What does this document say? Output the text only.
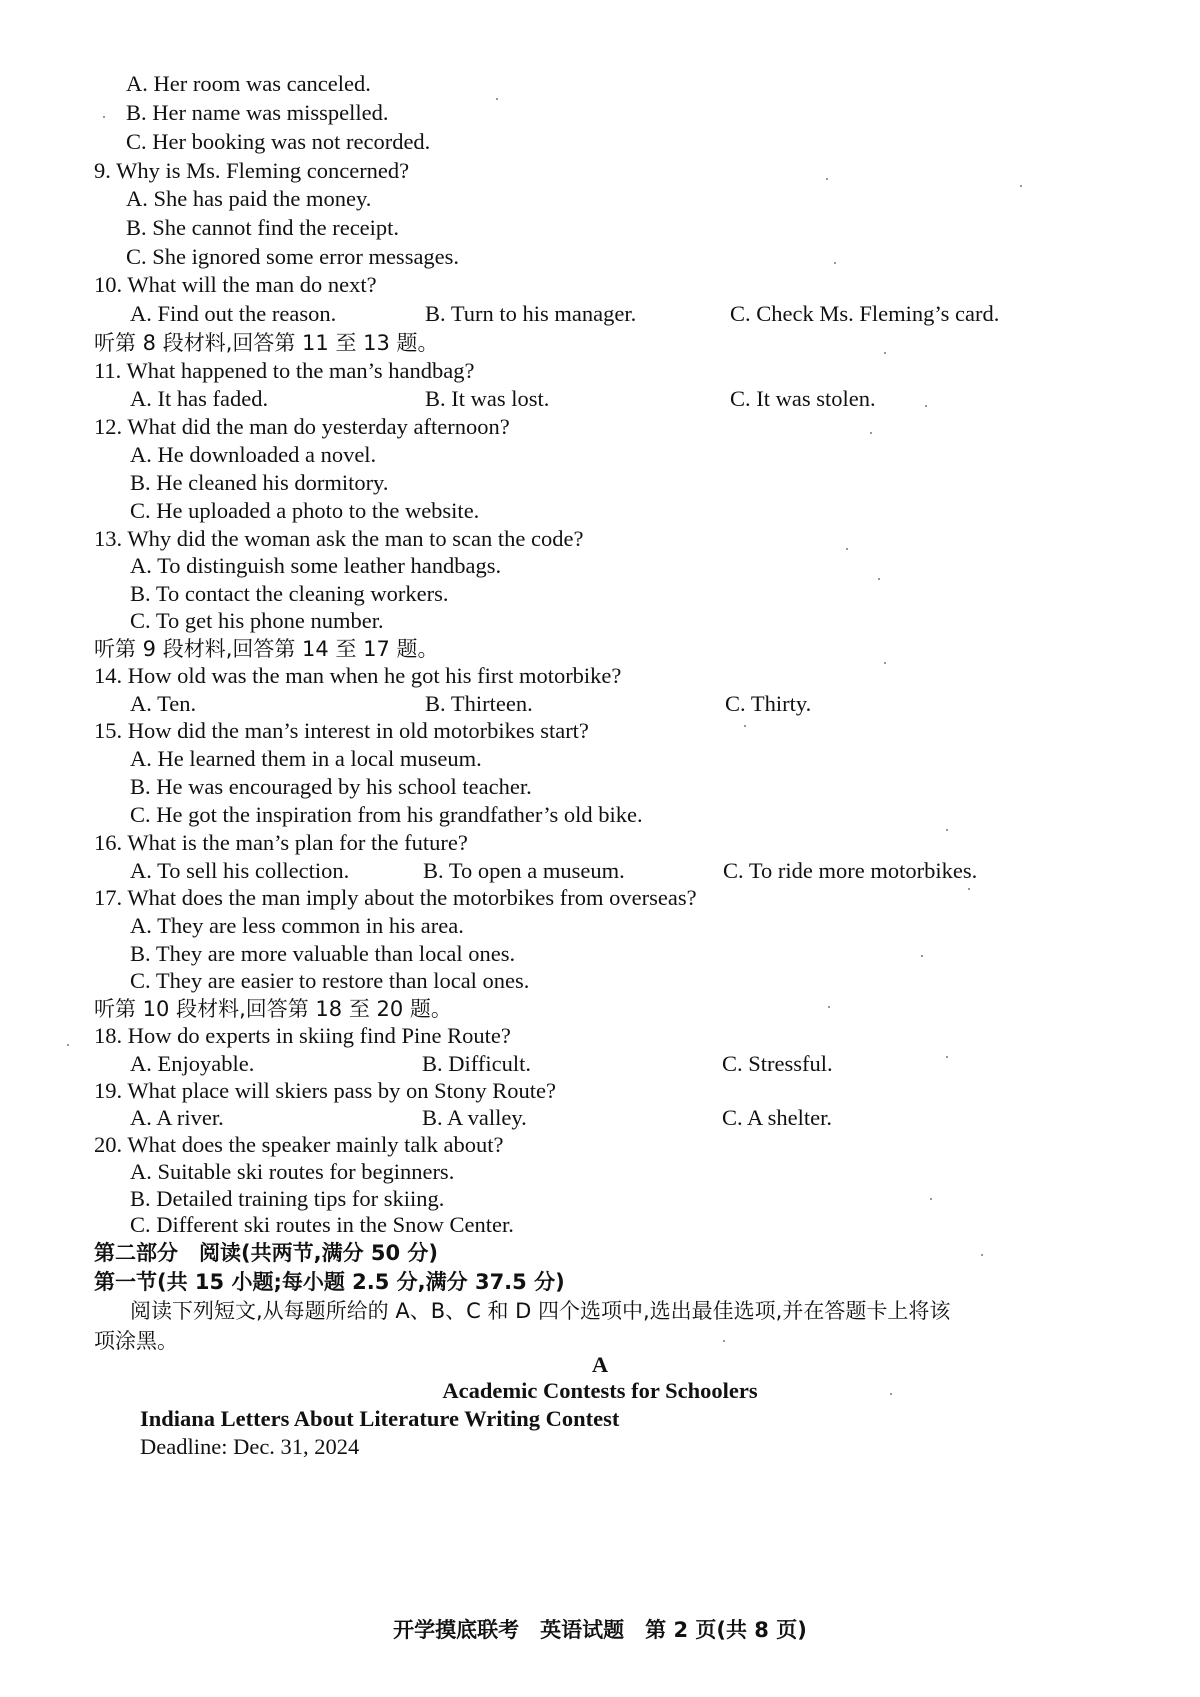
A. Her room was canceled.
B. Her name was misspelled.
C. Her booking was not recorded.
9. Why is Ms. Fleming concerned?
A. She has paid the money.
B. She cannot find the receipt.
C. She ignored some error messages.
10. What will the man do next?
A. Find out the reason.	B. Turn to his manager.	C. Check Ms. Fleming’s card.
听第 8 段材料,回答第 11 至 13 题。
11. What happened to the man’s handbag?
A. It has faded.	B. It was lost.	C. It was stolen.
12. What did the man do yesterday afternoon?
A. He downloaded a novel.
B. He cleaned his dormitory.
C. He uploaded a photo to the website.
13. Why did the woman ask the man to scan the code?
A. To distinguish some leather handbags.
B. To contact the cleaning workers.
C. To get his phone number.
听第 9 段材料,回答第 14 至 17 题。
14. How old was the man when he got his first motorbike?
A. Ten.	B. Thirteen.	C. Thirty.
15. How did the man’s interest in old motorbikes start?
A. He learned them in a local museum.
B. He was encouraged by his school teacher.
C. He got the inspiration from his grandfather’s old bike.
16. What is the man’s plan for the future?
A. To sell his collection.	B. To open a museum.	C. To ride more motorbikes.
17. What does the man imply about the motorbikes from overseas?
A. They are less common in his area.
B. They are more valuable than local ones.
C. They are easier to restore than local ones.
听第 10 段材料,回答第 18 至 20 题。
18. How do experts in skiing find Pine Route?
A. Enjoyable.	B. Difficult.	C. Stressful.
19. What place will skiers pass by on Stony Route?
A. A river.	B. A valley.	C. A shelter.
20. What does the speaker mainly talk about?
A. Suitable ski routes for beginners.
B. Detailed training tips for skiing.
C. Different ski routes in the Snow Center.
第二部分　阅读(共两节,满分 50 分)
第一节(共 15 小题;每小题 2.5 分,满分 37.5 分)
阅读下列短文,从每题所给的 A、B、C 和 D 四个选项中,选出最佳选项,并在答题卡上将该
项涂黑。
A
Academic Contests for Schoolers
Indiana Letters About Literature Writing Contest
Deadline: Dec. 31, 2024
开学摸底联考　英语试题　第 2 页(共 8 页)
